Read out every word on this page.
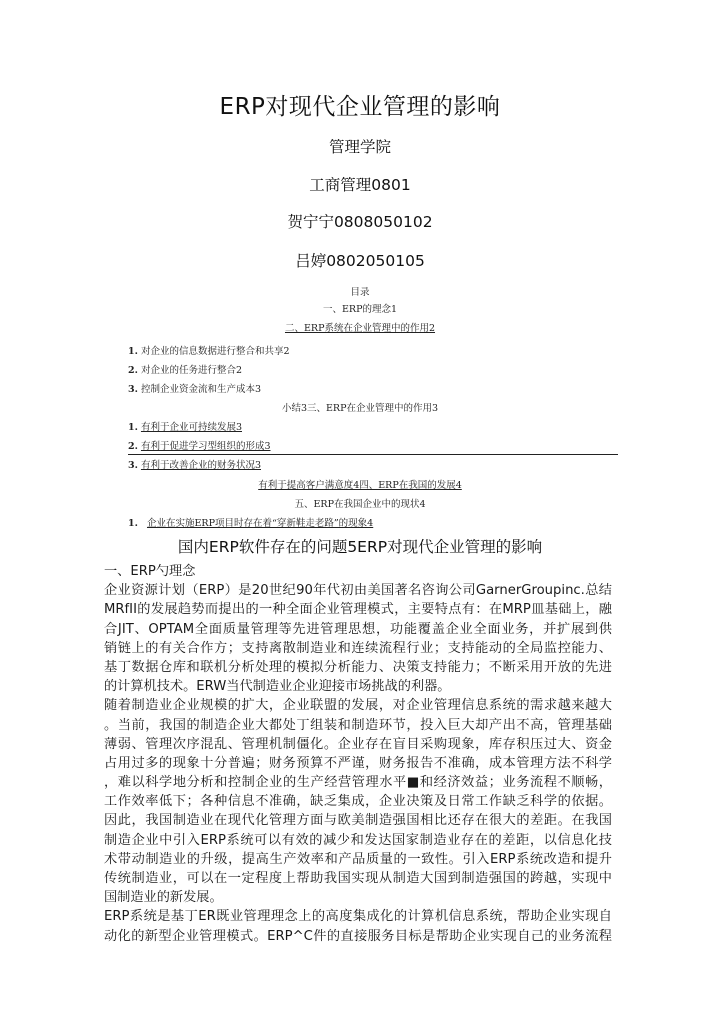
ERP对现代企业管理的影响
管理学院
工商管理0801
贺宁宁0808050102
吕婷0802050105
目录
一、ERP的理念1
二、ERP系统在企业管理中的作用2
1. 对企业的信息数据进行整合和共享2
2. 对企业的任务进行整合2
3. 控制企业资金流和生产成本3
小结3三、ERP在企业管理中的作用3
1. 有利于企业可持续发展3
2. 有利于促进学习型组织的形成3
3. 有利于改善企业的财务状况3
有利于提高客户满意度4四、ERP在我国的发展4
五、ERP在我国企业中的现状4
1. 企业在实施ERP项目时存在着“穿新鞋走老路”的现象4
国内ERP软件存在的问题5ERP对现代企业管理的影响
一、ERP勺理念
企业资源计划（ERP）是20世纪90年代初由美国著名咨询公司GarnerGroupinc.总结
MRfII的发展趋势而提出的一种全面企业管理模式，主要特点有：在MRP皿基础上，融
合JIT、OPTAM全面质量管理等先进管理思想，功能覆盖企业全面业务，并扩展到供
销链上的有关合作方；支持离散制造业和连续流程行业；支持能动的全局监控能力、
基丁数据仓库和联机分析处理的模拟分析能力、决策支持能力；不断采用开放的先进
的计算机技术。ERW当代制造业企业迎接市场挑战的利器。
随着制造业企业规模的扩大，企业联盟的发展，对企业管理信息系统的需求越来越大
。当前，我国的制造企业大都处丁组装和制造环节，投入巨大却产出不高，管理基础
薄弱、管理次序混乱、管理机制僵化。企业存在盲目采购现象，库存积压过大、资金
占用过多的现象十分普遍；财务预算不严谨，财务报告不准确，成本管理方法不科学
，难以科学地分析和控制企业的生产经营管理水平■和经济效益；业务流程不顺畅，
工作效率低下；各种信息不准确，缺乏集成，企业决策及日常工作缺乏科学的依据。
因此，我国制造业在现代化管理方面与欧美制造强国相比还存在很大的差距。在我国
制造企业中引入ERP系统可以有效的减少和发达国家制造业存在的差距，以信息化技
术带动制造业的升级，提高生产效率和产品质量的一致性。引入ERP系统改造和提升
传统制造业，可以在一定程度上帮助我国实现从制造大国到制造强国的跨越，实现中
国制造业的新发展。
ERP系统是基丁ER既业管理理念上的高度集成化的计算机信息系统，帮助企业实现自
动化的新型企业管理模式。ERP^C件的直接服务目标是帮助企业实现自己的业务流程
